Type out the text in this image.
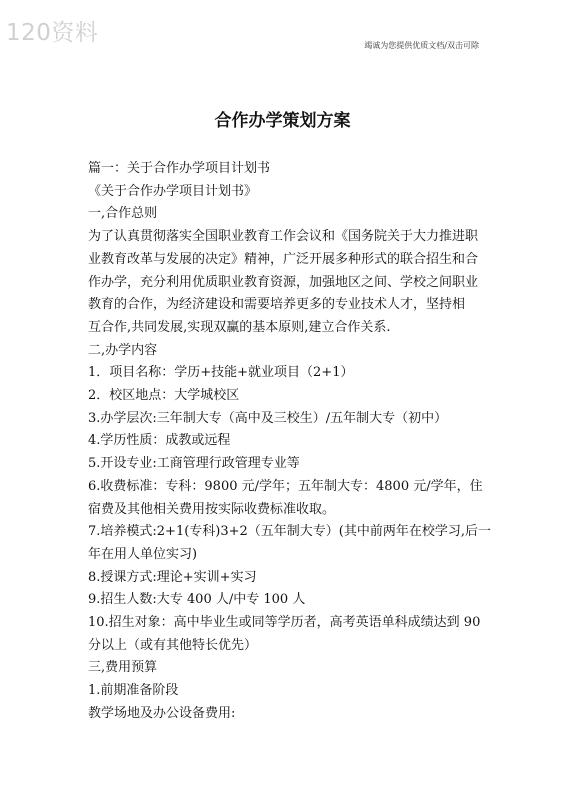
120资料	竭诚为您提供优质文档/双击可除
合作办学策划方案
篇一：关于合作办学项目计划书
《关于合作办学项目计划书》
一,合作总则
为了认真贯彻落实全国职业教育工作会议和《国务院关于大力推进职
业教育改革与发展的决定》精神，广泛开展多种形式的联合招生和合
作办学，充分利用优质职业教育资源，加强地区之间、学校之间职业
教育的合作，为经济建设和需要培养更多的专业技术人才，坚持相
互合作,共同发展,实现双赢的基本原则,建立合作关系.
二,办学内容
1．项目名称：学历+技能+就业项目（2+1）
2．校区地点：大学城校区
3.办学层次:三年制大专（高中及三校生）/五年制大专（初中）
4.学历性质：成教或远程
5.开设专业:工商管理行政管理专业等
6.收费标准：专科：9800 元/学年；五年制大专：4800 元/学年，住
宿费及其他相关费用按实际收费标准收取。
7.培养模式:2+1(专科)3+2（五年制大专）(其中前两年在校学习,后一
年在用人单位实习)
8.授课方式:理论+实训+实习
9.招生人数:大专 400 人/中专 100 人
10.招生对象：高中毕业生或同等学历者，高考英语单科成绩达到 90
分以上（或有其他特长优先）
三,费用预算
1.前期准备阶段
教学场地及办公设备费用:
